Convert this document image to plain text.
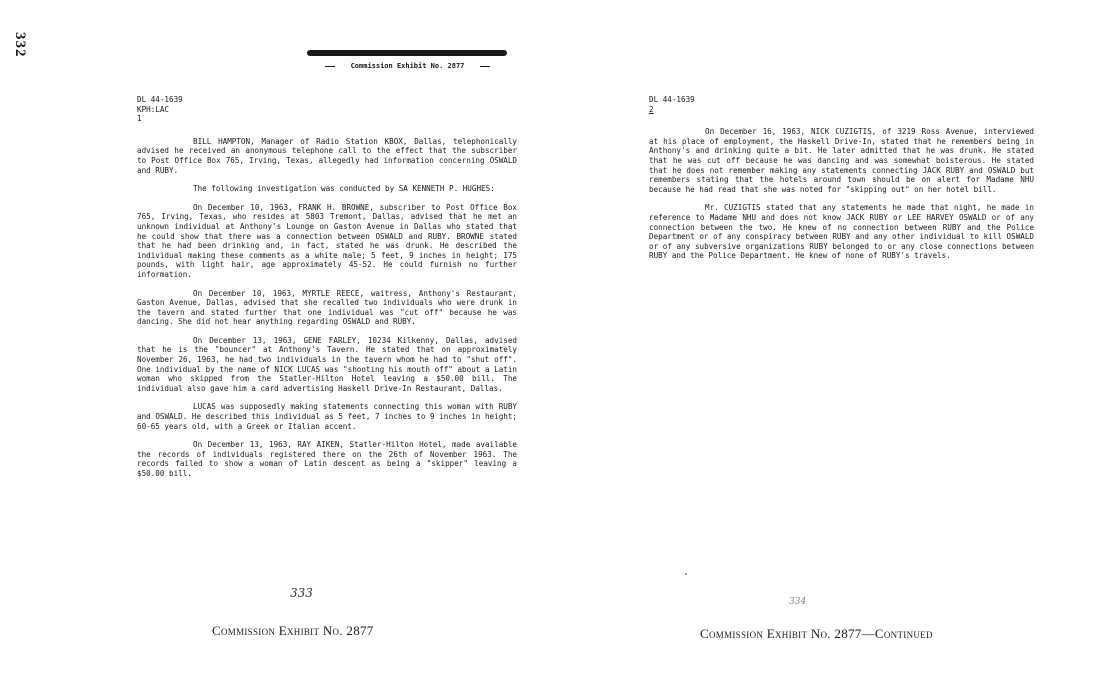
332
Commission Exhibit No. 2877
DL 44-1639
KPH:LAC
1

BILL HAMPTON, Manager of Radio Station KBOX, Dallas, telephonically advised he received an anonymous telephone call to the effect that the subscriber to Post Office Box 765, Irving, Texas, allegedly had information concerning OSWALD and RUBY.

The following investigation was conducted by SA KENNETH P. HUGHES:

On December 10, 1963, FRANK H. BROWNE, subscriber to Post Office Box 765, Irving, Texas, who resides at 5803 Tremont, Dallas, advised that he met an unknown individual at Anthony's Lounge on Gaston Avenue in Dallas who stated that he could show that there was a connection between OSWALD and RUBY. BROWNE stated that he had been drinking and, in fact, stated he was drunk. He described the individual making these comments as a white male; 5 feet, 9 inches in height; 175 pounds, with light hair, age approximately 45-52. He could furnish no further information.

On December 10, 1963, MYRTLE REECE, waitress, Anthony's Restaurant, Gaston Avenue, Dallas, advised that she recalled two individuals who were drunk in the tavern and stated further that one individual was "cut off" because he was dancing. She did not hear anything regarding OSWALD and RUBY.

On December 13, 1963, GENE FARLEY, 10234 Kilkenny, Dallas, advised that he is the "bouncer" at Anthony's Tavern. He stated that on approximately November 26, 1963, he had two individuals in the tavern whom he had to "shut off". One individual by the name of NICK LUCAS was "shooting his mouth off" about a Latin woman who skipped from the Statler-Hilton Hotel leaving a $50.00 bill. The individual also gave him a card advertising Haskell Drive-In Restaurant, Dallas.

LUCAS was supposedly making statements connecting this woman with RUBY and OSWALD. He described this individual as 5 feet, 7 inches to 9 inches in height; 60-65 years old, with a Greek or Italian accent.

On December 13, 1963, RAY AIKEN, Statler-Hilton Hotel, made available the records of individuals registered there on the 26th of November 1963. The records failed to show a woman of Latin descent as being a "skipper" leaving a $50.00 bill.

333
Commission Exhibit No. 2877
DL 44-1639
2

On December 16, 1963, NICK CUZIGTIS, of 3219 Ross Avenue, interviewed at his place of employment, the Haskell Drive-In, stated that he remembers being in Anthony's and drinking quite a bit. He later admitted that he was drunk. He stated that he was cut off because he was dancing and was somewhat boisterous. He stated that he does not remember making any statements connecting JACK RUBY and OSWALD but remembers stating that the hotels around town should be on alert for Madame NHU because he had read that she was noted for "skipping out" on her hotel bill.

Mr. CUZIGTIS stated that any statements he made that night, he made in reference to Madame NHU and does not know JACK RUBY or LEE HARVEY OSWALD or of any connection between the two. He knew of no connection between RUBY and the Police Department or of any conspiracy between RUBY and any other individual to kill OSWALD or of any subversive organizations RUBY belonged to or any close connections between RUBY and the Police Department. He knew of none of RUBY's travels.

334
Commission Exhibit No. 2877—Continued
